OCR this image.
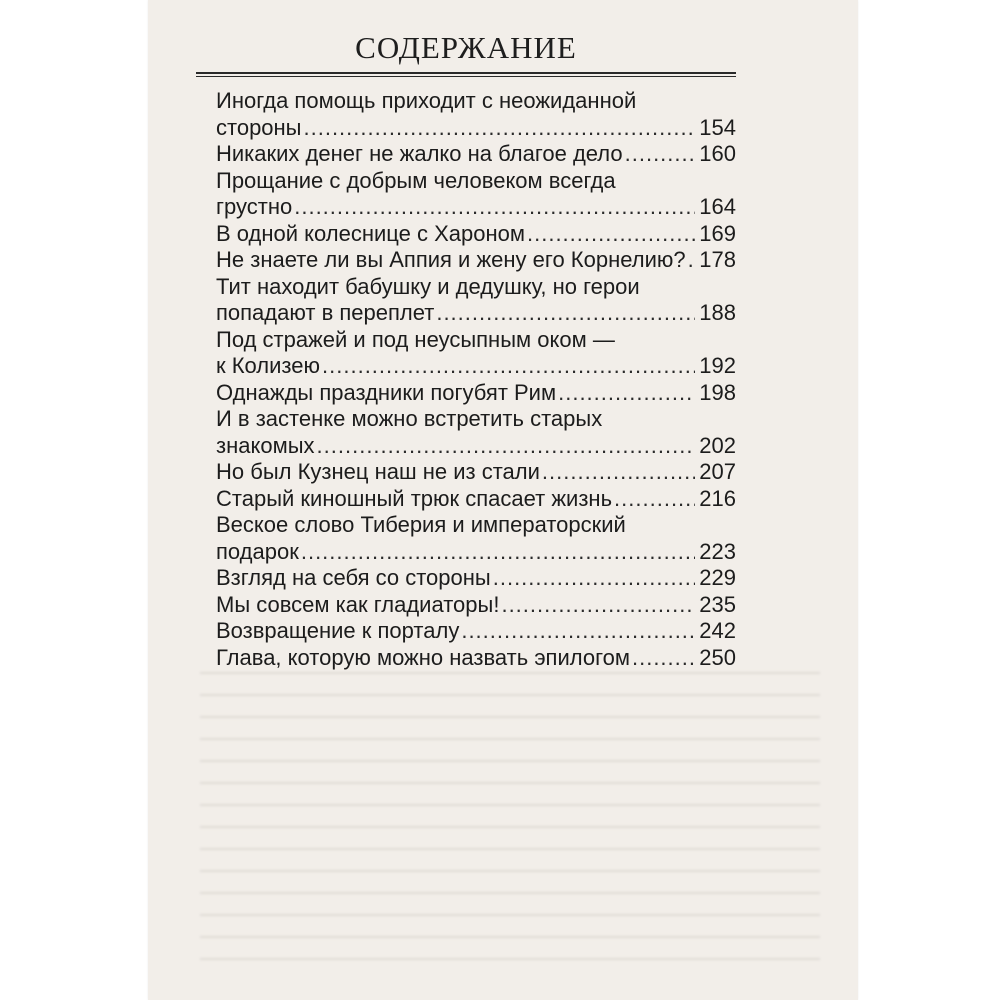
СОДЕРЖАНИЕ
Иногда помощь приходит с неожиданной
стороны .....	154
Никаких денег не жалко на благое дело .....	160
Прощание с добрым человеком всегда
грустно .....	164
В одной колеснице с Хароном .....	169
Не знаете ли вы Аппия и жену его Корнелию? ..... 178
Тит находит бабушку и дедушку, но герои
попадают в переплет .....	188
Под стражей и под неусыпным оком —
к Колизею .....	192
Однажды праздники погубят Рим .....	198
И в застенке можно встретить старых
знакомых .....	202
Но был Кузнец наш не из стали .....	207
Старый киношный трюк спасает жизнь .....	216
Веское слово Тиберия и императорский
подарок .....	223
Взгляд на себя со стороны .....	229
Мы совсем как гладиаторы! .....	235
Возвращение к порталу .....	242
Глава, которую можно назвать эпилогом .....	250
